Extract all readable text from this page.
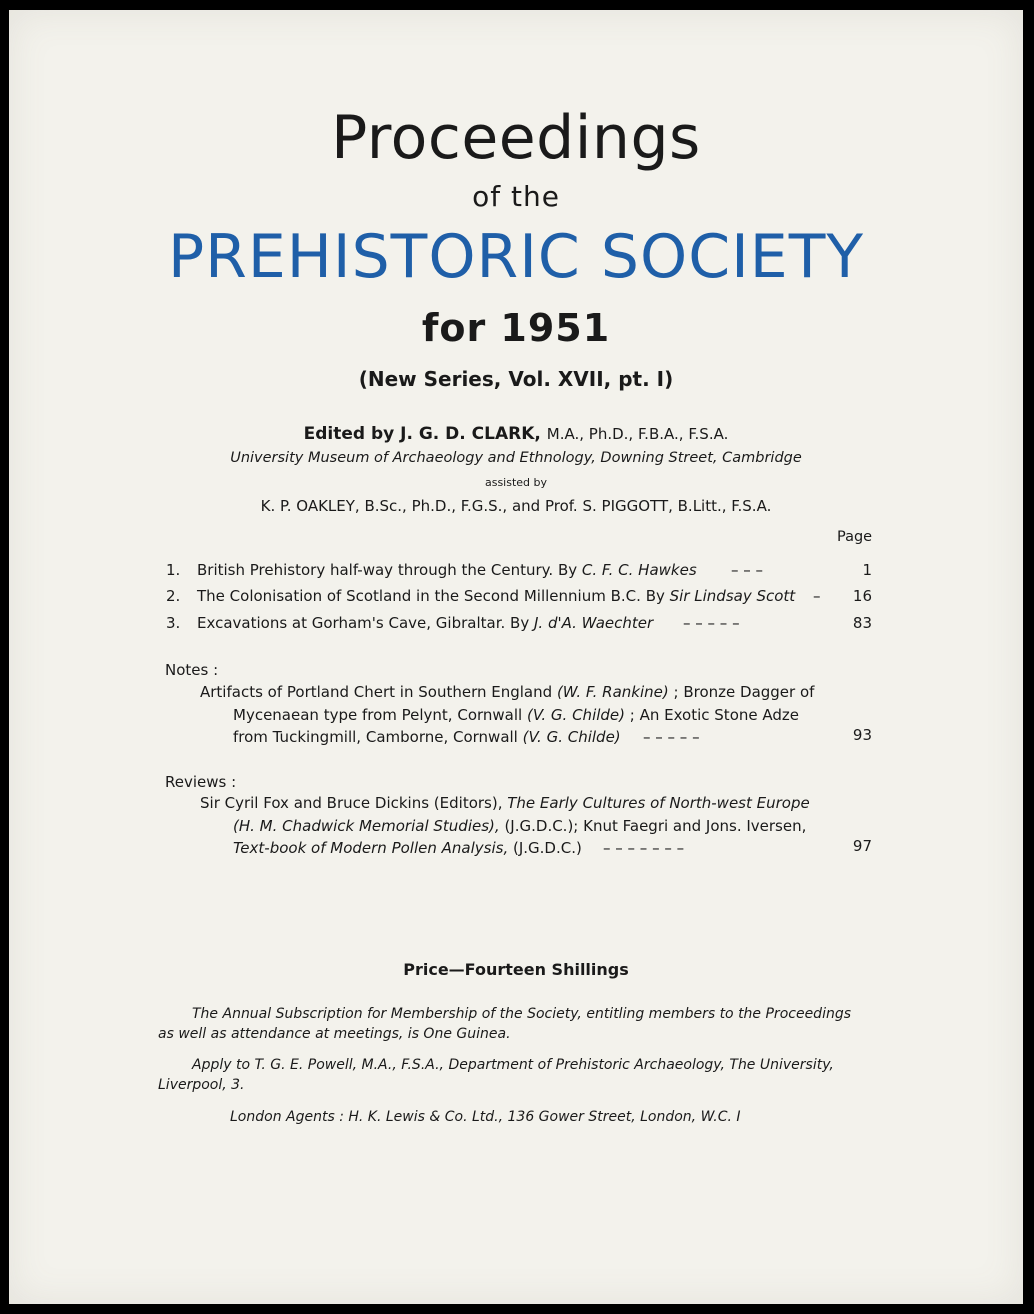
Proceedings
of the
PREHISTORIC SOCIETY
for 1951
(New Series, Vol. XVII, pt. I)
Edited by J. G. D. CLARK, M.A., Ph.D., F.B.A., F.S.A.
University Museum of Archaeology and Ethnology, Downing Street, Cambridge
assisted by
K. P. OAKLEY, B.Sc., Ph.D., F.G.S., and Prof. S. PIGGOTT, B.Litt., F.S.A.
Page
1. British Prehistory half-way through the Century. By C. F. C. Hawkes – – –	1
2. The Colonisation of Scotland in the Second Millennium B.C. By Sir Lindsay Scott –	16
3. Excavations at Gorham's Cave, Gibraltar. By J. d'A. Waechter – – – – –	83
Notes :
Artifacts of Portland Chert in Southern England (W. F. Rankine) ; Bronze Dagger of
Mycenaean type from Pelynt, Cornwall (V. G. Childe) ; An Exotic Stone Adze
from Tuckingmill, Camborne, Cornwall (V. G. Childe) – – – – –	93
Reviews :
Sir Cyril Fox and Bruce Dickins (Editors), The Early Cultures of North-west Europe
(H. M. Chadwick Memorial Studies), (J.G.D.C.); Knut Faegri and Jons. Iversen,
Text-book of Modern Pollen Analysis, (J.G.D.C.) – – – – – – –	97
Price—Fourteen Shillings
The Annual Subscription for Membership of the Society, entitling members to the Proceedings
as well as attendance at meetings, is One Guinea.
Apply to T. G. E. Powell, M.A., F.S.A., Department of Prehistoric Archaeology, The University,
Liverpool, 3.
London Agents : H. K. Lewis & Co. Ltd., 136 Gower Street, London, W.C. I
